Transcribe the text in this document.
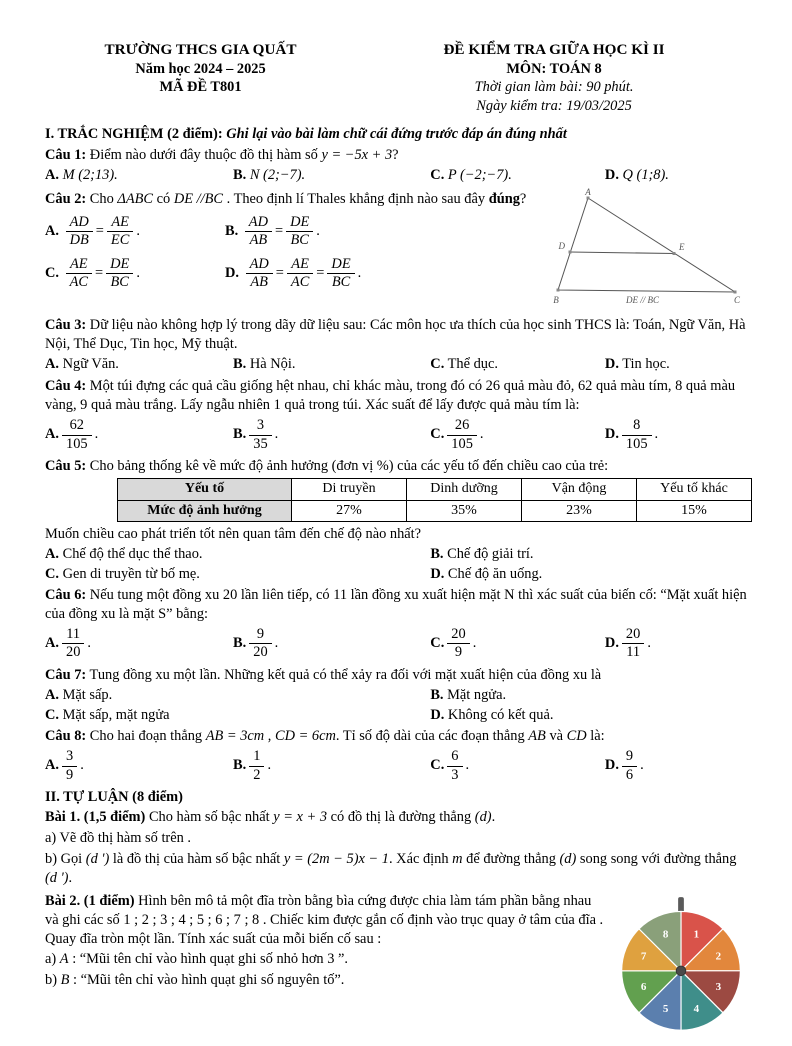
TRƯỜNG THCS GIA QUẤT
Năm học 2024 – 2025
MÃ ĐỀ T801
ĐỀ KIỂM TRA GIỮA HỌC KÌ II
MÔN: TOÁN 8
Thời gian làm bài: 90 phút.
Ngày kiểm tra: 19/03/2025

I. TRẮC NGHIỆM (2 điểm): Ghi lại vào bài làm chữ cái đứng trước đáp án đúng nhất

Câu 1: Điểm nào dưới đây thuộc đồ thị hàm số y = −5x + 3?

A. M (2;13).	B. N (2;−7).	C. P (−2;−7).	D. Q (1;8).

Câu 2: Cho ΔABC có DE //BC . Theo định lí Thales khẳng định nào sau đây đúng?

A. $\frac{AD}{DB} = \frac{AE}{EC}$ .	B. $\frac{AD}{AB} = \frac{DE}{BC}$ .
C. $\frac{AE}{AC} = \frac{DE}{BC}$ .	D. $\frac{AD}{AB} = \frac{AE}{AC} = \frac{DE}{BC}$ .
A
B	C
D	E
DE // BC

Câu 3: Dữ liệu nào không hợp lý trong dãy dữ liệu sau: Các môn học ưa thích của học sinh THCS là: Toán, Ngữ Văn, Hà Nội, Thể Dục, Tin học, Mỹ thuật.

A. Ngữ Văn.	B. Hà Nội.	C. Thể dục.	D. Tin học.

Câu 4: Một túi đựng các quả cầu giống hệt nhau, chỉ khác màu, trong đó có 26 quả màu đỏ, 62 quả màu tím, 8 quả màu vàng, 9 quả màu trắng. Lấy ngẫu nhiên 1 quả trong túi. Xác suất để lấy được quả màu tím là:

A. $\frac{62}{105}$ .	B. $\frac{3}{35}$ .	C. $\frac{26}{105}$ .	D. $\frac{8}{105}$ .

Câu 5: Cho bảng thống kê về mức độ ảnh hưởng (đơn vị %) của các yếu tố đến chiều cao của trẻ:

Yếu tố	Di truyền	Dinh dưỡng	Vận động	Yếu tố khác
Mức độ ảnh hưởng	27%	35%	23%	15%

Muốn chiều cao phát triển tốt nên quan tâm đến chế độ nào nhất?

A. Chế độ thể dục thể thao.	B. Chế độ giải trí.
C. Gen di truyền từ bố mẹ.	D. Chế độ ăn uống.

Câu 6: Nếu tung một đồng xu 20 lần liên tiếp, có 11 lần đồng xu xuất hiện mặt N thì xác suất của biến cố: “Mặt xuất hiện của đồng xu là mặt S” bằng:

A. $\frac{11}{20}$ .	B. $\frac{9}{20}$ .	C. $\frac{20}{9}$ .	D. $\frac{20}{11}$ .

Câu 7: Tung đồng xu một lần. Những kết quả có thể xảy ra đối với mặt xuất hiện của đồng xu là

A. Mặt sấp.	B. Mặt ngửa.
C. Mặt sấp, mặt ngửa	D. Không có kết quả.

Câu 8: Cho hai đoạn thẳng AB = 3cm , CD = 6cm. Tỉ số độ dài của các đoạn thẳng AB và CD là:

A. $\frac{3}{9}$ .	B. $\frac{1}{2}$ .	C. $\frac{6}{3}$ .	D. $\frac{9}{6}$ .

II. TỰ LUẬN (8 điểm)

Bài 1. (1,5 điểm) Cho hàm số bậc nhất y = x + 3 có đồ thị là đường thẳng (d).

a) Vẽ đồ thị hàm số trên .

b) Gọi (d ') là đồ thị của hàm số bậc nhất y = (2m − 5)x − 1. Xác định m để đường thẳng (d) song song với đường thẳng (d ').

Bài 2. (1 điểm) Hình bên mô tả một đĩa tròn bằng bìa cứng được chia làm tám phần bằng nhau và ghi các số 1 ; 2 ; 3 ; 4 ; 5 ; 6 ; 7 ; 8 . Chiếc kim được gắn cố định vào trục quay ở tâm của đĩa . Quay đĩa tròn một lần. Tính xác suất của mỗi biến cố sau :

a) A : “Mũi tên chỉ vào hình quạt ghi số nhỏ hơn 3 ”.

b) B : “Mũi tên chỉ vào hình quạt ghi số nguyên tố”.

1
2
3
4
5
6
7
8
